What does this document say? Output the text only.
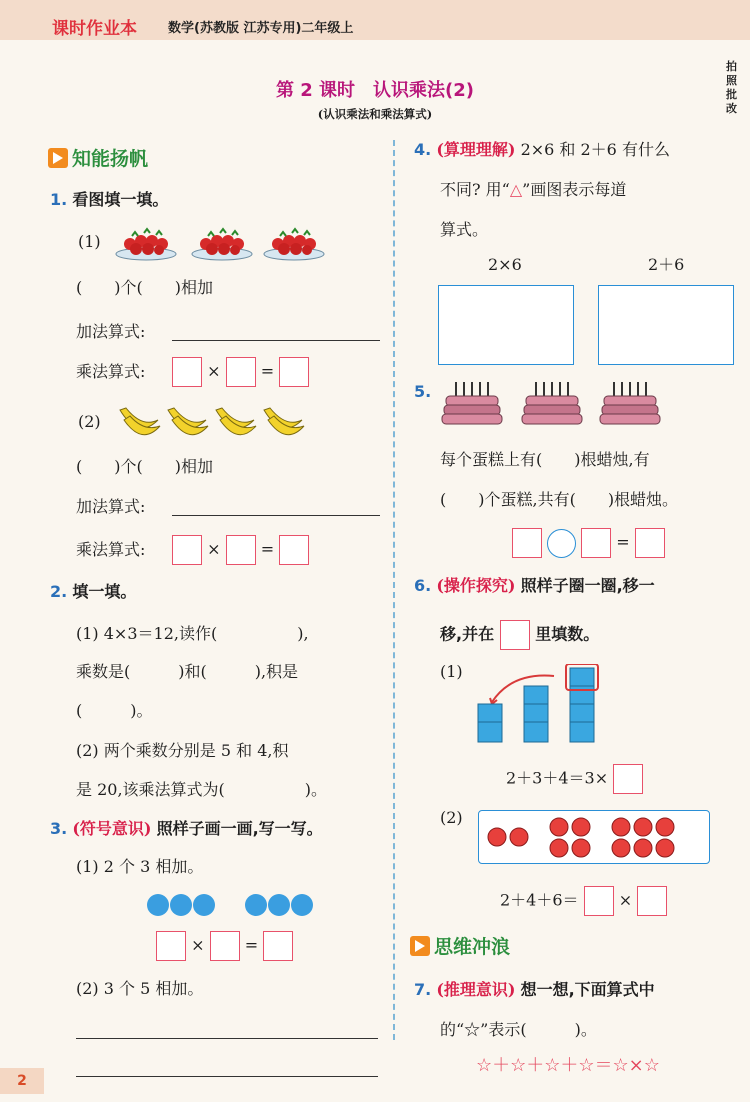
课时作业本 数学(苏教版 江苏专用)二年级上
拍照批改
第 2 课时　认识乘法(2)
(认识乘法和乘法算式)
知能扬帆
1. 看图填一填。
(1)
(　　)个(　　)相加
加法算式:
乘法算式:	×	=
(2)
(　　)个(　　)相加
加法算式:
乘法算式:	×	=
2. 填一填。
(1) 4×3＝12,读作(　　　　　),
乘数是(　　　)和(　　　),积是
(　　　)。
(2) 两个乘数分别是 5 和 4,积
是 20,该乘法算式为(　　　　　)。
3. (符号意识) 照样子画一画,写一写。
(1) 2 个 3 相加。
×	=
(2) 3 个 5 相加。
4. (算理理解) 2×6 和 2＋6 有什么
不同? 用“△”画图表示每道
算式。
2×6	2＋6
5.
每个蛋糕上有(　　)根蜡烛,有
(　　)个蛋糕,共有(　　)根蜡烛。
=
6. (操作探究) 照样子圈一圈,移一
移,并在	里填数。
(1)
2＋3＋4＝3×
(2)
2＋4＋6＝	×
思维冲浪
7. (推理意识) 想一想,下面算式中
的“☆”表示(　　　)。
☆＋☆＋☆＋☆＝☆×☆
2
